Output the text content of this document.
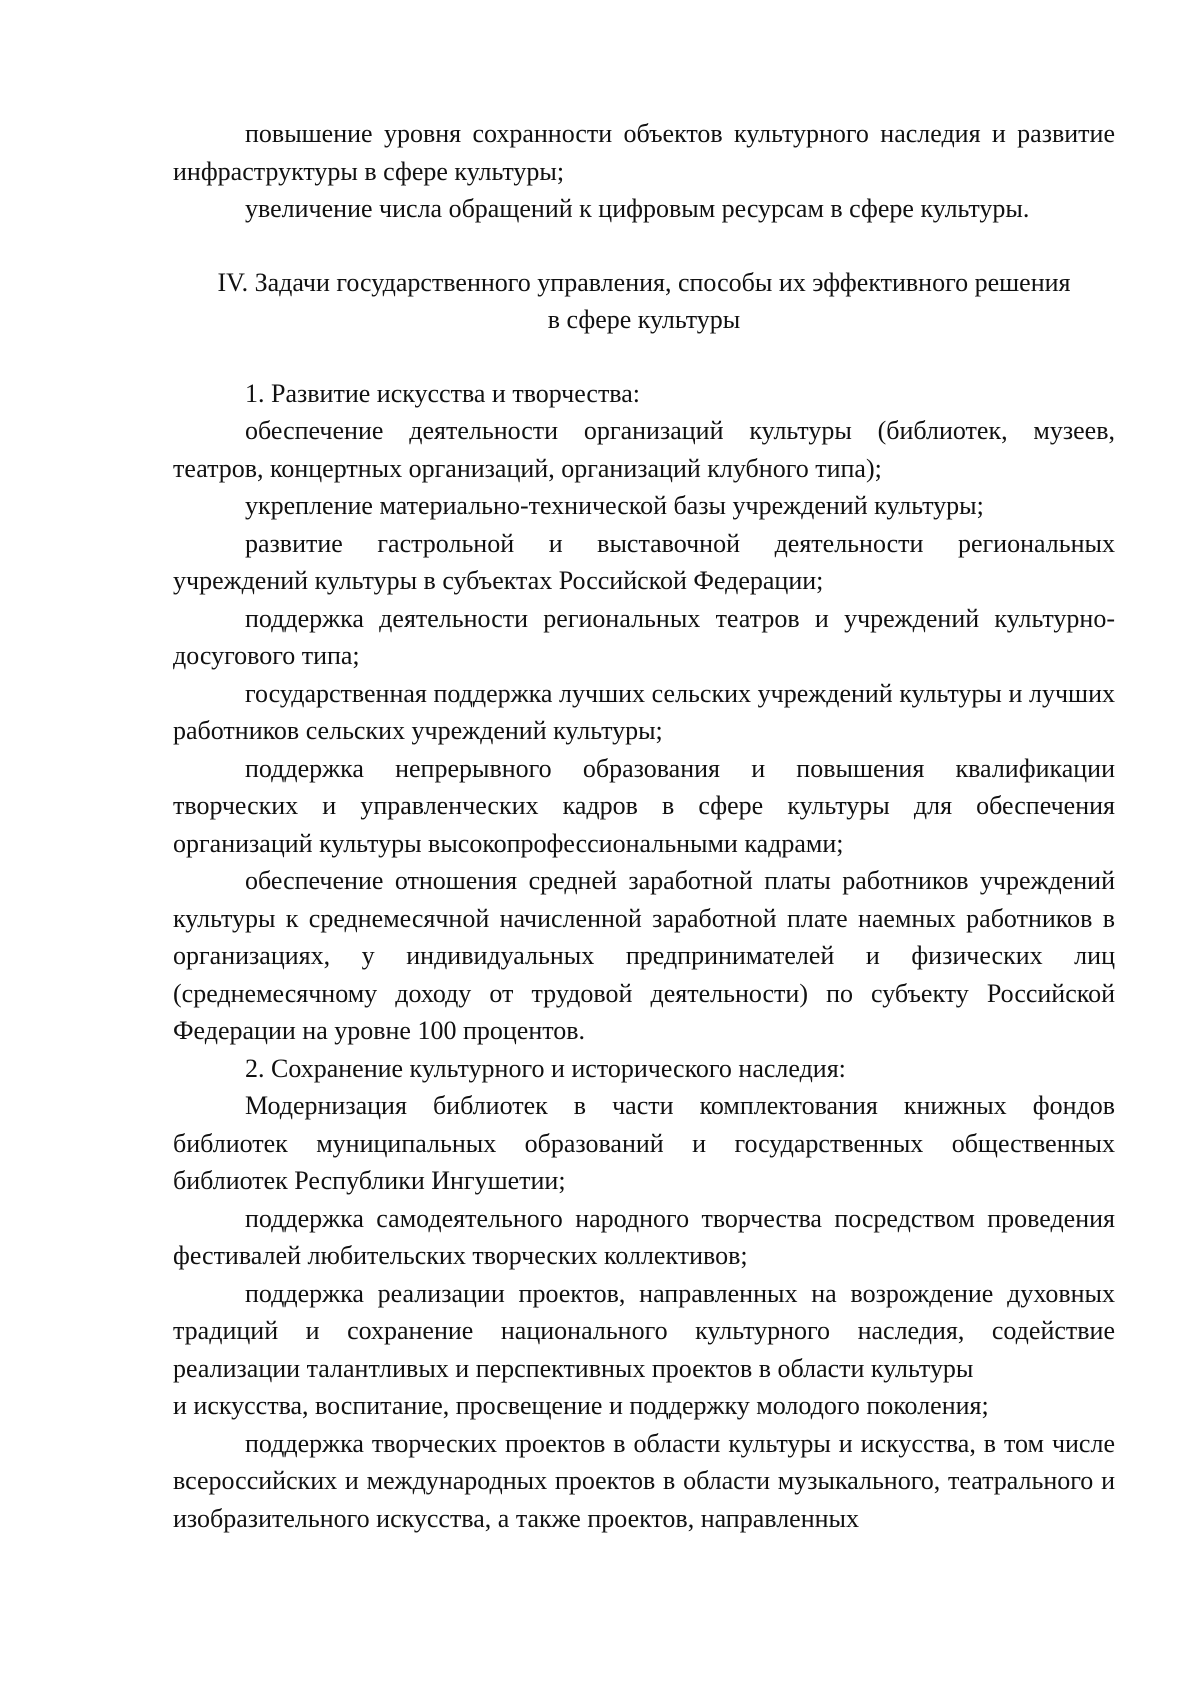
повышение уровня сохранности объектов культурного наследия и развитие инфраструктуры в сфере культуры;

увеличение числа обращений к цифровым ресурсам в сфере культуры.

IV. Задачи государственного управления, способы их эффективного решения

в сфере культуры

1. Развитие искусства и творчества:

обеспечение деятельности организаций культуры (библиотек, музеев, театров, концертных организаций, организаций клубного типа);

укрепление материально-технической базы учреждений культуры;

развитие гастрольной и выставочной деятельности региональных учреждений культуры в субъектах Российской Федерации;

поддержка деятельности региональных театров и учреждений культурно-досугового типа;

государственная поддержка лучших сельских учреждений культуры и лучших работников сельских учреждений культуры;

поддержка непрерывного образования и повышения квалификации творческих и управленческих кадров в сфере культуры для обеспечения организаций культуры высокопрофессиональными кадрами;

обеспечение отношения средней заработной платы работников учреждений культуры к среднемесячной начисленной заработной плате наемных работников в организациях, у индивидуальных предпринимателей и физических лиц (среднемесячному доходу от трудовой деятельности) по субъекту Российской Федерации на уровне 100 процентов.

2. Сохранение культурного и исторического наследия:

Модернизация библиотек в части комплектования книжных фондов библиотек муниципальных образований и государственных общественных библиотек Республики Ингушетии;

поддержка самодеятельного народного творчества посредством проведения фестивалей любительских творческих коллективов;

поддержка реализации проектов, направленных на возрождение духовных традиций и сохранение национального культурного наследия, содействие реализации талантливых и перспективных проектов в области культуры

и искусства, воспитание, просвещение и поддержку молодого поколения;

поддержка творческих проектов в области культуры и искусства, в том числе всероссийских и международных проектов в области музыкального, театрального и изобразительного искусства, а также проектов, направленных
